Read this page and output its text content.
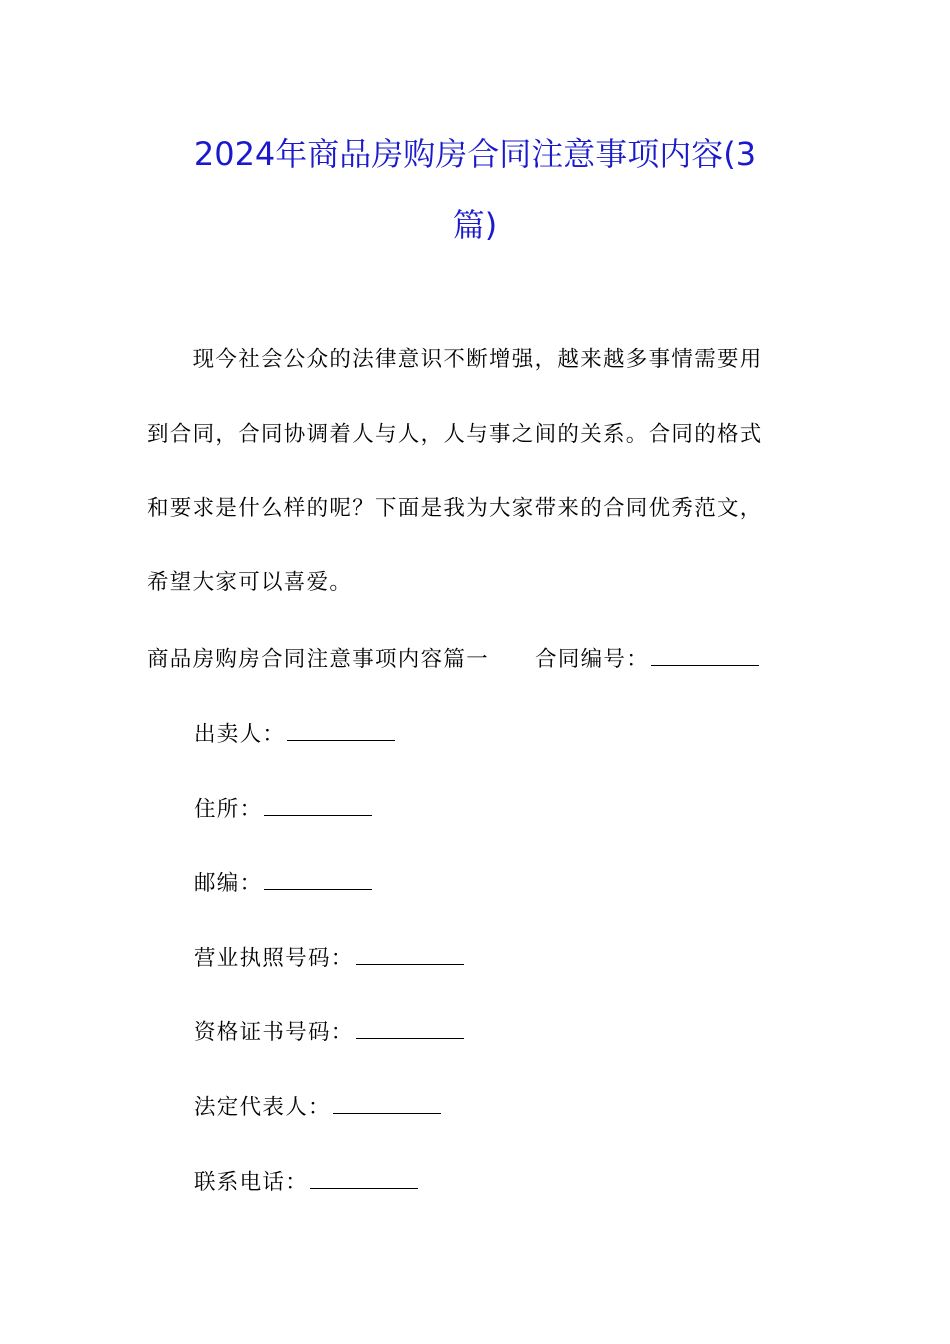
2024年商品房购房合同注意事项内容(3
篇)
　　现今社会公众的法律意识不断增强，越来越多事情需要用
到合同，合同协调着人与人，人与事之间的关系。合同的格式
和要求是什么样的呢？下面是我为大家带来的合同优秀范文，
希望大家可以喜爱。
商品房购房合同注意事项内容篇一 合同编号：
出卖人：
住所：
邮编：
营业执照号码：
资格证书号码：
法定代表人：
联系电话：
